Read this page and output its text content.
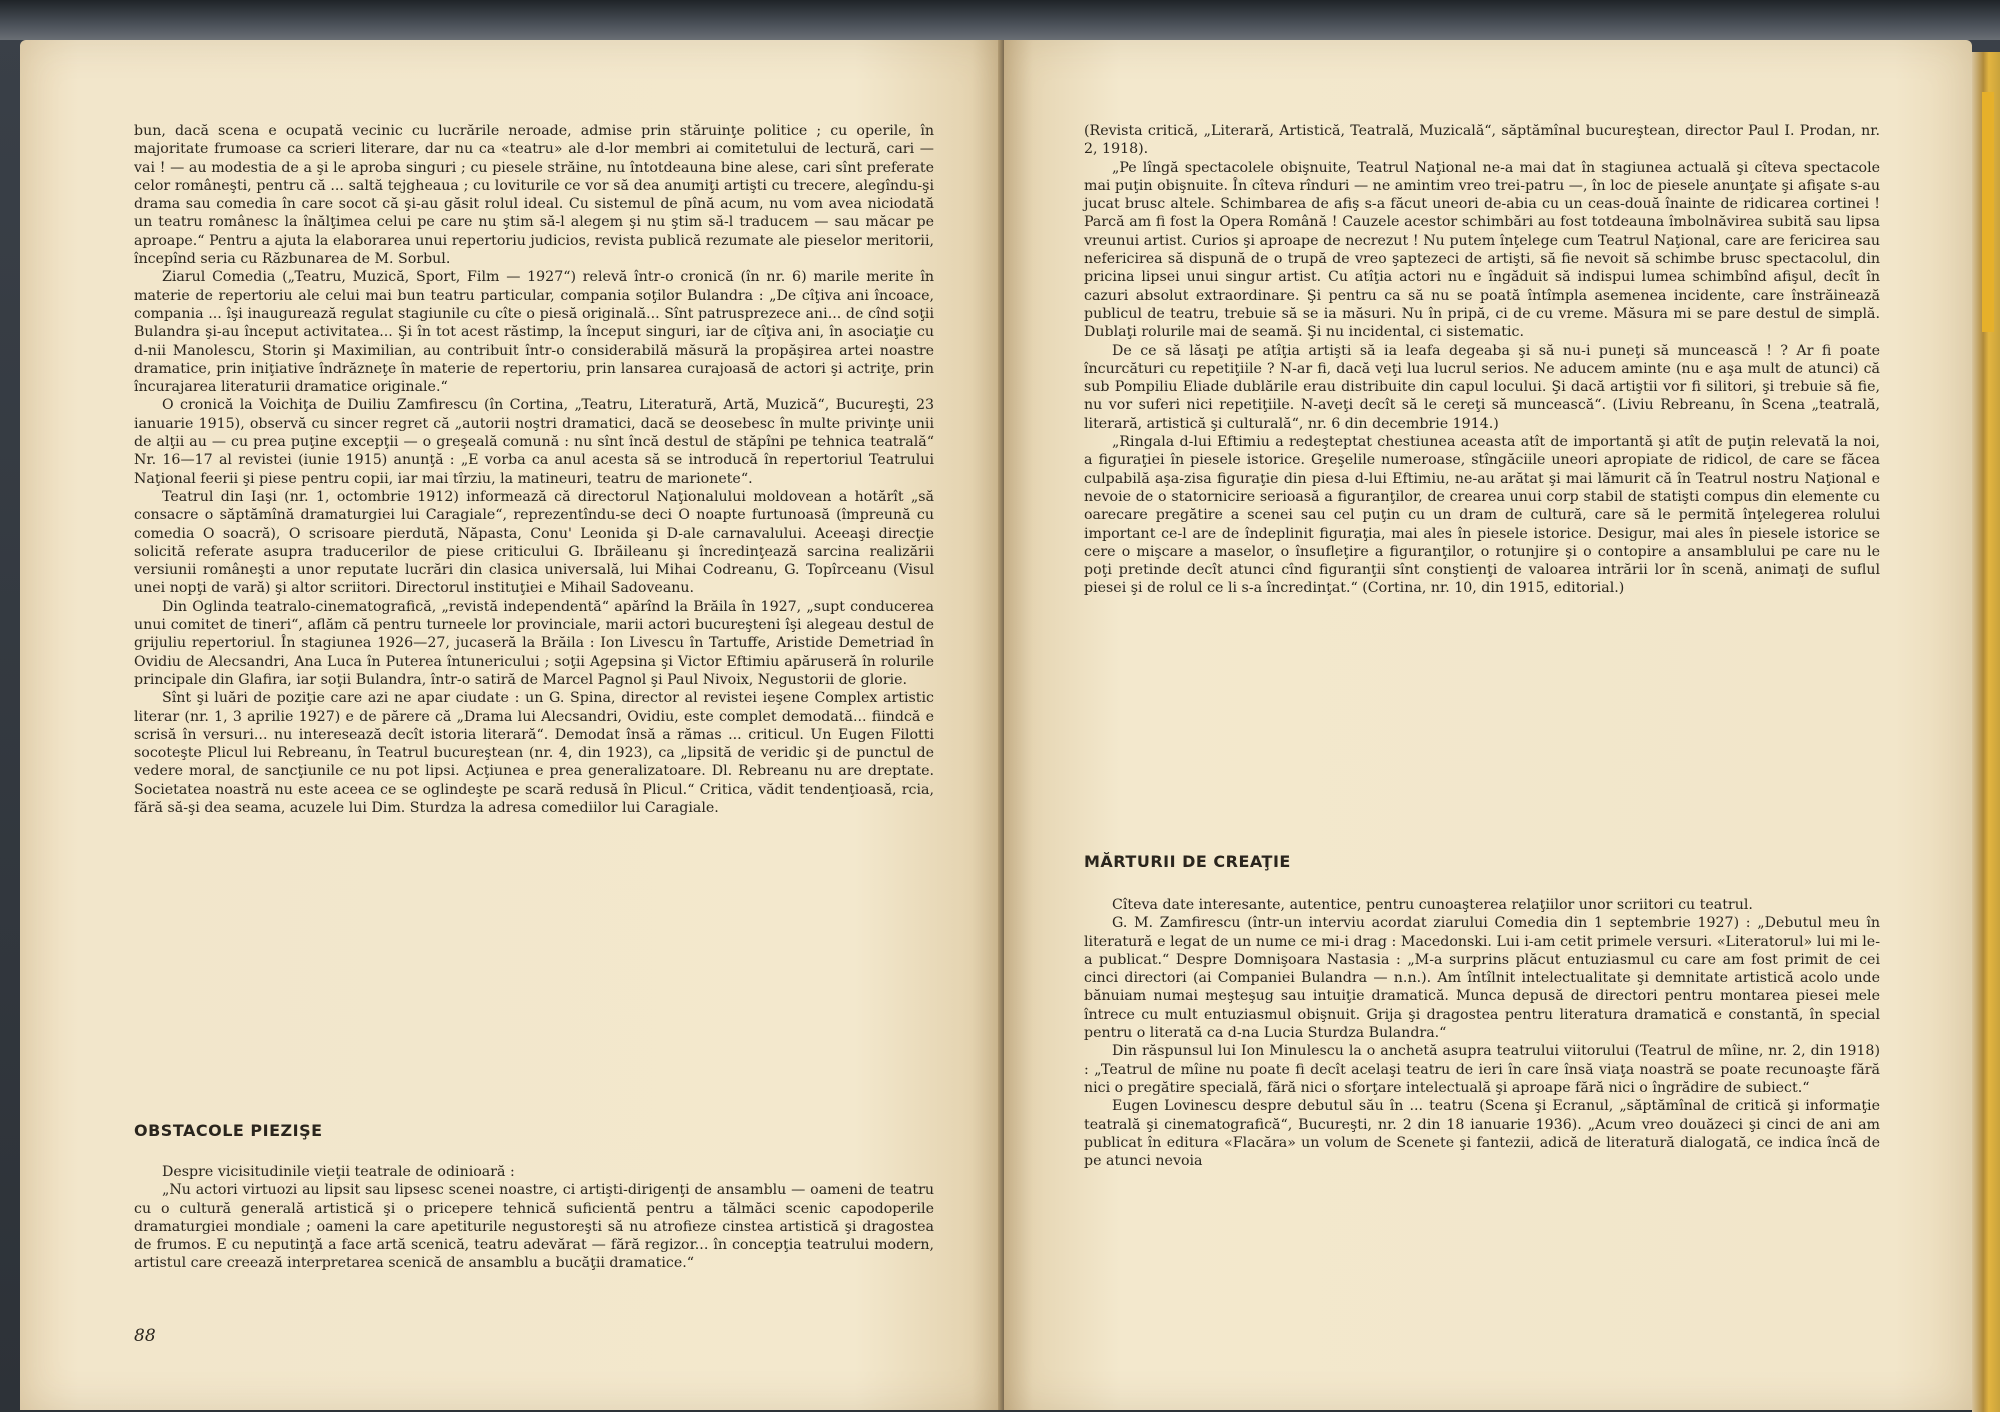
bun, dacă scena e ocupată vecinic cu lucrările neroade, admise prin stăruinţe politice ; cu operile, în majoritate frumoase ca scrieri literare, dar nu ca «teatru» ale d-lor membri ai comitetului de lectură, cari — vai ! — au modestia de a şi le aproba singuri ; cu piesele străine, nu întotdeauna bine alese, cari sînt preferate celor româneşti, pentru că ... saltă tejgheaua ; cu loviturile ce vor să dea anumiţi artişti cu trecere, alegîndu-şi drama sau comedia în care socot că şi-au găsit rolul ideal. Cu sistemul de pînă acum, nu vom avea niciodată un teatru românesc la înălţimea celui pe care nu ştim să-l alegem şi nu ştim să-l traducem — sau măcar pe aproape.“ Pentru a ajuta la elaborarea unui repertoriu judicios, revista publică rezumate ale pieselor meritorii, începînd seria cu Răzbunarea de M. Sorbul.

Ziarul Comedia („Teatru, Muzică, Sport, Film — 1927“) relevă într-o cronică (în nr. 6) marile merite în materie de repertoriu ale celui mai bun teatru particular, compania soţilor Bulandra : „De cîţiva ani încoace, compania ... îşi inaugurează regulat stagiunile cu cîte o piesă originală... Sînt patrusprezece ani... de cînd soţii Bulandra şi-au început activitatea... Şi în tot acest răstimp, la început singuri, iar de cîţiva ani, în asociaţie cu d-nii Manolescu, Storin şi Maximilian, au contribuit într-o considerabilă măsură la propăşirea artei noastre dramatice, prin iniţiative îndrăzneţe în materie de repertoriu, prin lansarea curajoasă de actori şi actriţe, prin încurajarea literaturii dramatice originale.“

O cronică la Voichiţa de Duiliu Zamfirescu (în Cortina, „Teatru, Literatură, Artă, Muzică“, Bucureşti, 23 ianuarie 1915), observă cu sincer regret că „autorii noştri dramatici, dacă se deosebesc în multe privinţe unii de alţii au — cu prea puţine excepţii — o greşeală comună : nu sînt încă destul de stăpîni pe tehnica teatrală“ Nr. 16—17 al revistei (iunie 1915) anunţă : „E vorba ca anul acesta să se introducă în repertoriul Teatrului Naţional feerii şi piese pentru copii, iar mai tîrziu, la matineuri, teatru de marionete“.

Teatrul din Iaşi (nr. 1, octombrie 1912) informează că directorul Naţionalului moldovean a hotărît „să consacre o săptămînă dramaturgiei lui Caragiale“, reprezentîndu-se deci O noapte furtunoasă (împreună cu comedia O soacră), O scrisoare pierdută, Năpasta, Conu' Leonida şi D-ale carnavalului. Aceeaşi direcţie solicită referate asupra traducerilor de piese criticului G. Ibrăileanu şi încredinţează sarcina realizării versiunii româneşti a unor reputate lucrări din clasica universală, lui Mihai Codreanu, G. Topîrceanu (Visul unei nopţi de vară) şi altor scriitori. Directorul instituţiei e Mihail Sadoveanu.

Din Oglinda teatralo-cinematografică, „revistă independentă“ apărînd la Brăila în 1927, „supt conducerea unui comitet de tineri“, aflăm că pentru turneele lor provinciale, marii actori bucureşteni îşi alegeau destul de grijuliu repertoriul. În stagiunea 1926—27, jucaseră la Brăila : Ion Livescu în Tartuffe, Aristide Demetriad în Ovidiu de Alecsandri, Ana Luca în Puterea întunericului ; soţii Agepsina şi Victor Eftimiu apăruseră în rolurile principale din Glafira, iar soţii Bulandra, într-o satiră de Marcel Pagnol şi Paul Nivoix, Negustorii de glorie.

Sînt şi luări de poziţie care azi ne apar ciudate : un G. Spina, director al revistei ieşene Complex artistic literar (nr. 1, 3 aprilie 1927) e de părere că „Drama lui Alecsandri, Ovidiu, este complet demodată... fiindcă e scrisă în versuri... nu interesează decît istoria literară“. Demodat însă a rămas ... criticul. Un Eugen Filotti socoteşte Plicul lui Rebreanu, în Teatrul bucureştean (nr. 4, din 1923), ca „lipsită de veridic şi de punctul de vedere moral, de sancţiunile ce nu pot lipsi. Acţiunea e prea generalizatoare. Dl. Rebreanu nu are dreptate. Societatea noastră nu este aceea ce se oglindeşte pe scară redusă în Plicul.“ Critica, vădit tendenţioasă, rcia, fără să-şi dea seama, acuzele lui Dim. Sturdza la adresa comediilor lui Caragiale.

OBSTACOLE PIEZIŞE

Despre vicisitudinile vieţii teatrale de odinioară :

„Nu actori virtuozi au lipsit sau lipsesc scenei noastre, ci artişti-dirigenţi de ansamblu — oameni de teatru cu o cultură generală artistică şi o pricepere tehnică suficientă pentru a tălmăci scenic capodoperile dramaturgiei mondiale ; oameni la care apetiturile negustoreşti să nu atrofieze cinstea artistică şi dragostea de frumos. E cu neputinţă a face artă scenică, teatru adevărat — fără regizor... în concepţia teatrului modern, artistul care creează interpretarea scenică de ansamblu a bucăţii dramatice.“

88

(Revista critică, „Literară, Artistică, Teatrală, Muzicală“, săptămînal bucureştean, director Paul I. Prodan, nr. 2, 1918).

„Pe lîngă spectacolele obişnuite, Teatrul Naţional ne-a mai dat în stagiunea actuală şi cîteva spectacole mai puţin obişnuite. În cîteva rînduri — ne amintim vreo trei-patru —, în loc de piesele anunţate şi afişate s-au jucat brusc altele. Schimbarea de afiş s-a făcut uneori de-abia cu un ceas-două înainte de ridicarea cortinei ! Parcă am fi fost la Opera Română ! Cauzele acestor schimbări au fost totdeauna îmbolnăvirea subită sau lipsa vreunui artist. Curios şi aproape de necrezut ! Nu putem înţelege cum Teatrul Naţional, care are fericirea sau nefericirea să dispună de o trupă de vreo şaptezeci de artişti, să fie nevoit să schimbe brusc spectacolul, din pricina lipsei unui singur artist. Cu atîţia actori nu e îngăduit să indispui lumea schimbînd afişul, decît în cazuri absolut extraordinare. Şi pentru ca să nu se poată întîmpla asemenea incidente, care înstrăinează publicul de teatru, trebuie să se ia măsuri. Nu în pripă, ci de cu vreme. Măsura mi se pare destul de simplă. Dublaţi rolurile mai de seamă. Şi nu incidental, ci sistematic.

De ce să lăsaţi pe atîţia artişti să ia leafa degeaba şi să nu-i puneţi să muncească ! ? Ar fi poate încurcături cu repetiţiile ? N-ar fi, dacă veţi lua lucrul serios. Ne aducem aminte (nu e aşa mult de atunci) că sub Pompiliu Eliade dublările erau distribuite din capul locului. Şi dacă artiştii vor fi silitori, şi trebuie să fie, nu vor suferi nici repetiţiile. N-aveţi decît să le cereţi să muncească“. (Liviu Rebreanu, în Scena „teatrală, literară, artistică şi culturală“, nr. 6 din decembrie 1914.)

„Ringala d-lui Eftimiu a redeşteptat chestiunea aceasta atît de importantă şi atît de puţin relevată la noi, a figuraţiei în piesele istorice. Greşelile numeroase, stîngăciile uneori apropiate de ridicol, de care se făcea culpabilă aşa-zisa figuraţie din piesa d-lui Eftimiu, ne-au arătat şi mai lămurit că în Teatrul nostru Naţional e nevoie de o statornicire serioasă a figuranţilor, de crearea unui corp stabil de statişti compus din elemente cu oarecare pregătire a scenei sau cel puţin cu un dram de cultură, care să le permită înţelegerea rolului important ce-l are de îndeplinit figuraţia, mai ales în piesele istorice. Desigur, mai ales în piesele istorice se cere o mişcare a maselor, o însufleţire a figuranţilor, o rotunjire şi o contopire a ansamblului pe care nu le poţi pretinde decît atunci cînd figuranţii sînt conştienţi de valoarea intrării lor în scenă, animaţi de suflul piesei şi de rolul ce li s-a încredinţat.“ (Cortina, nr. 10, din 1915, editorial.)

MĂRTURII DE CREAŢIE

Cîteva date interesante, autentice, pentru cunoaşterea relaţiilor unor scriitori cu teatrul.

G. M. Zamfirescu (într-un interviu acordat ziarului Comedia din 1 septembrie 1927) : „Debutul meu în literatură e legat de un nume ce mi-i drag : Macedonski. Lui i-am cetit primele versuri. «Literatorul» lui mi le-a publicat.“ Despre Domnişoara Nastasia : „M-a surprins plăcut entuziasmul cu care am fost primit de cei cinci directori (ai Companiei Bulandra — n.n.). Am întîlnit intelectualitate şi demnitate artistică acolo unde bănuiam numai meşteşug sau intuiţie dramatică. Munca depusă de directori pentru montarea piesei mele întrece cu mult entuziasmul obişnuit. Grija şi dragostea pentru literatura dramatică e constantă, în special pentru o literată ca d-na Lucia Sturdza Bulandra.“

Din răspunsul lui Ion Minulescu la o anchetă asupra teatrului viitorului (Teatrul de mîine, nr. 2, din 1918) : „Teatrul de mîine nu poate fi decît acelaşi teatru de ieri în care însă viaţa noastră se poate recunoaşte fără nici o pregătire specială, fără nici o sforţare intelectuală şi aproape fără nici o îngrădire de subiect.“

Eugen Lovinescu despre debutul său în ... teatru (Scena şi Ecranul, „săptămînal de critică şi informaţie teatrală şi cinematografică“, Bucureşti, nr. 2 din 18 ianuarie 1936). „Acum vreo douăzeci şi cinci de ani am publicat în editura «Flacăra» un volum de Scenete şi fantezii, adică de literatură dialogată, ce indica încă de pe atunci nevoia
